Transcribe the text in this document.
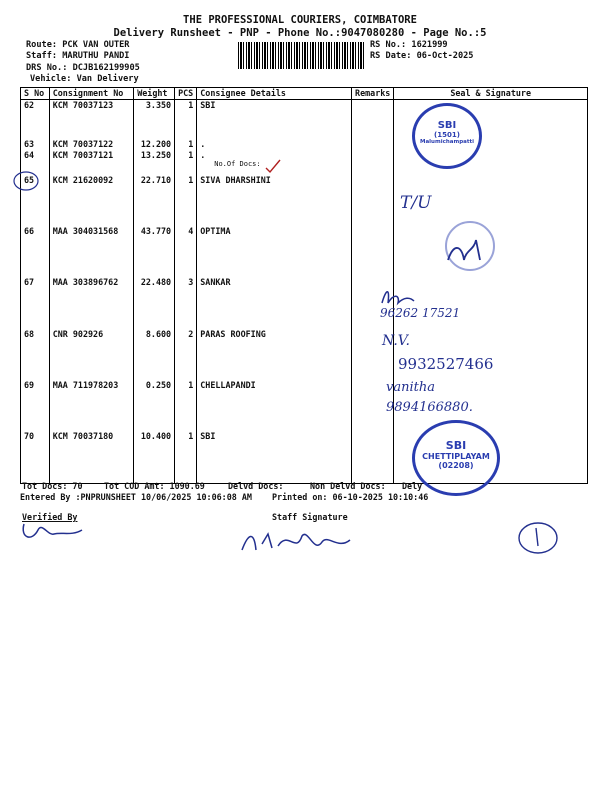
THE PROFESSIONAL COURIERS, COIMBATORE
Delivery Runsheet - PNP - Phone No.:9047080280 - Page No.:5
Route: PCK VAN OUTER
Staff: MARUTHU PANDI
DRS No.: DCJB162199905
Vehicle: Van Delivery
RS No.: 1621999
RS Date: 06-Oct-2025
S No	Consignment No	Weight	PCS	Consignee Details	Remarks	Seal & Signature
62	KCM 70037123	3.350	1	SBI		
63	KCM 70037122	12.200	1	.		
64	KCM 70037121	13.250	1	.
No.Of Docs:		

65	KCM 21620092	22.710	1	SIVA DHARSHINI		
66	MAA 304031568	43.770	4	OPTIMA		
67	MAA 303896762	22.480	3	SANKAR		
68	CNR 902926	8.600	2	PARAS ROOFING		
69	MAA 711978203	0.250	1	CHELLAPANDI		
70	KCM 70037180	10.400	1	SBI		
SBI
(1501)
Malumichampatti
SBI
CHETTIPLAYAM
(02208)
T/U
96262 17521
N.V.
9932527466
vanitha
9894166880.
Tot Docs: 70	Tot COD Amt: 1090.69	Delvd Docs:	Non Delvd Docs: Dely
Entered By :PNPRUNSHEET 10/06/2025 10:06:08 AM Printed on: 06-10-2025 10:10:46
Verified By	Staff Signature
